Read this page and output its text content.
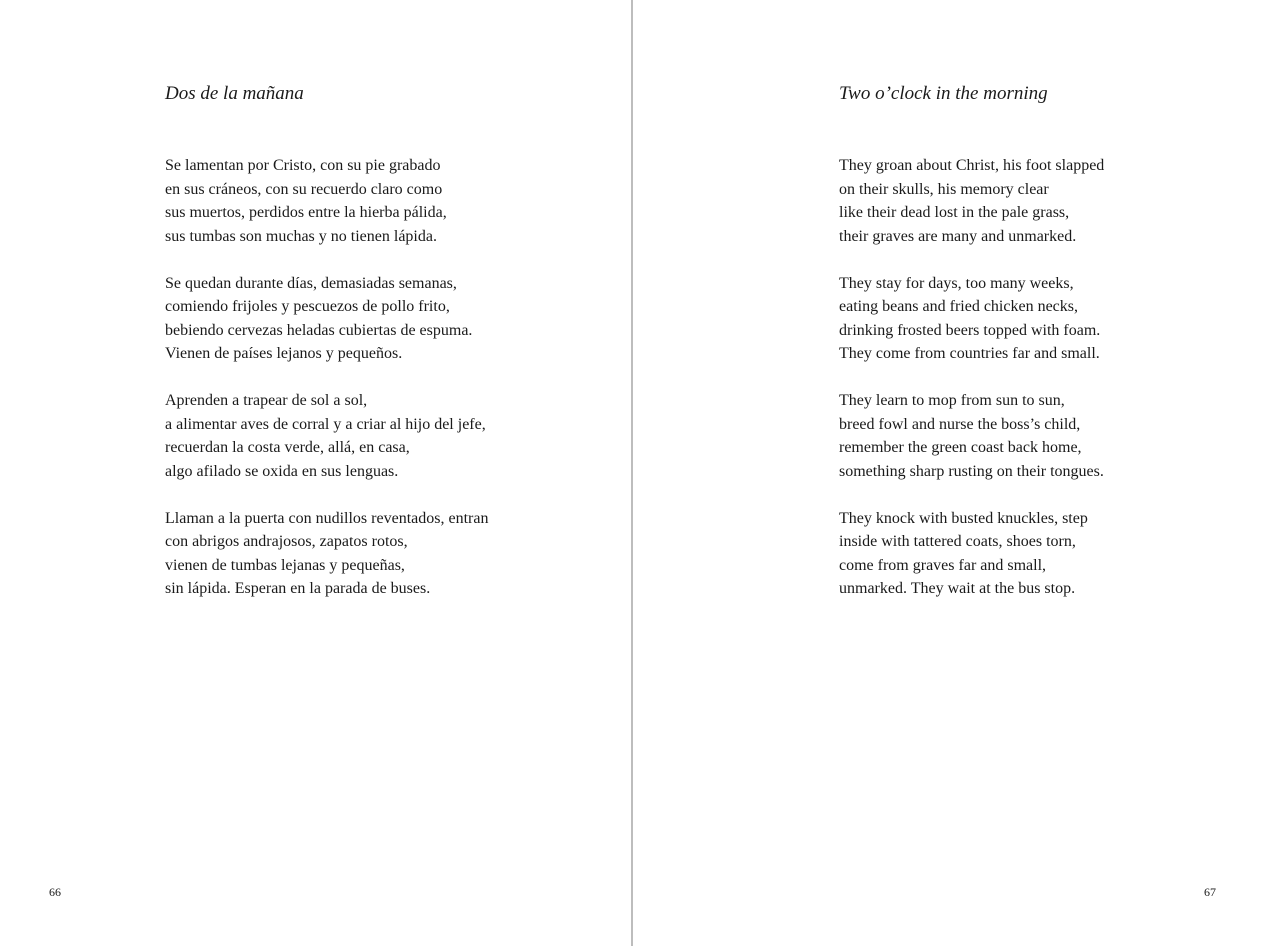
Dos de la mañana
Se lamentan por Cristo, con su pie grabado
en sus cráneos, con su recuerdo claro como
sus muertos, perdidos entre la hierba pálida,
sus tumbas son muchas y no tienen lápida.
Se quedan durante días, demasiadas semanas,
comiendo frijoles y pescuezos de pollo frito,
bebiendo cervezas heladas cubiertas de espuma.
Vienen de países lejanos y pequeños.
Aprenden a trapear de sol a sol,
a alimentar aves de corral y a criar al hijo del jefe,
recuerdan la costa verde, allá, en casa,
algo afilado se oxida en sus lenguas.
Llaman a la puerta con nudillos reventados, entran
con abrigos andrajosos, zapatos rotos,
vienen de tumbas lejanas y pequeñas,
sin lápida. Esperan en la parada de buses.
66
Two o’clock in the morning
They groan about Christ, his foot slapped
on their skulls, his memory clear
like their dead lost in the pale grass,
their graves are many and unmarked.
They stay for days, too many weeks,
eating beans and fried chicken necks,
drinking frosted beers topped with foam.
They come from countries far and small.
They learn to mop from sun to sun,
breed fowl and nurse the boss’s child,
remember the green coast back home,
something sharp rusting on their tongues.
They knock with busted knuckles, step
inside with tattered coats, shoes torn,
come from graves far and small,
unmarked. They wait at the bus stop.
67
